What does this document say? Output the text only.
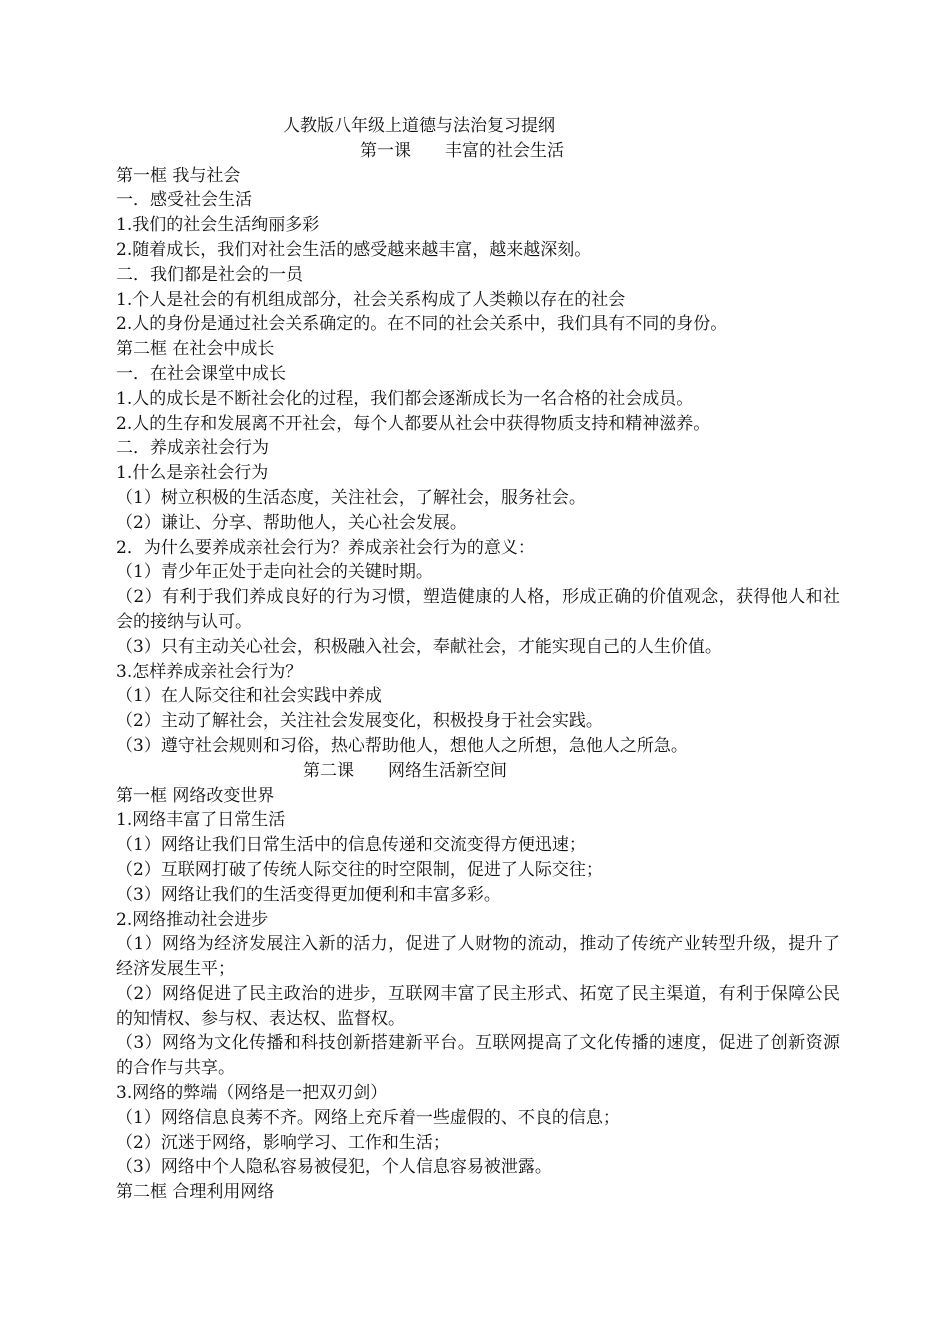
人教版八年级上道德与法治复习提纲
第一课　　丰富的社会生活
第一框 我与社会
一．感受社会生活
1.我们的社会生活绚丽多彩
2.随着成长，我们对社会生活的感受越来越丰富，越来越深刻。
二．我们都是社会的一员
1.个人是社会的有机组成部分，社会关系构成了人类赖以存在的社会
2.人的身份是通过社会关系确定的。在不同的社会关系中，我们具有不同的身份。
第二框 在社会中成长
一．在社会课堂中成长
1.人的成长是不断社会化的过程，我们都会逐渐成长为一名合格的社会成员。
2.人的生存和发展离不开社会，每个人都要从社会中获得物质支持和精神滋养。
二．养成亲社会行为
1.什么是亲社会行为
（1）树立积极的生活态度，关注社会，了解社会，服务社会。
（2）谦让、分享、帮助他人，关心社会发展。
2．为什么要养成亲社会行为？养成亲社会行为的意义：
（1）青少年正处于走向社会的关键时期。
（2）有利于我们养成良好的行为习惯，塑造健康的人格，形成正确的价值观念，获得他人和社会的接纳与认可。
（3）只有主动关心社会，积极融入社会，奉献社会，才能实现自己的人生价值。
3.怎样养成亲社会行为？
（1）在人际交往和社会实践中养成
（2）主动了解社会，关注社会发展变化，积极投身于社会实践。
（3）遵守社会规则和习俗，热心帮助他人，想他人之所想，急他人之所急。
第二课　　网络生活新空间
第一框 网络改变世界
1.网络丰富了日常生活
（1）网络让我们日常生活中的信息传递和交流变得方便迅速；
（2）互联网打破了传统人际交往的时空限制，促进了人际交往；
（3）网络让我们的生活变得更加便利和丰富多彩。
2.网络推动社会进步
（1）网络为经济发展注入新的活力，促进了人财物的流动，推动了传统产业转型升级，提升了经济发展生平；
（2）网络促进了民主政治的进步，互联网丰富了民主形式、拓宽了民主渠道，有利于保障公民的知情权、参与权、表达权、监督权。
（3）网络为文化传播和科技创新搭建新平台。互联网提高了文化传播的速度，促进了创新资源的合作与共享。
3.网络的弊端（网络是一把双刃剑）
（1）网络信息良莠不齐。网络上充斥着一些虚假的、不良的信息；
（2）沉迷于网络，影响学习、工作和生活；
（3）网络中个人隐私容易被侵犯，个人信息容易被泄露。
第二框 合理利用网络
